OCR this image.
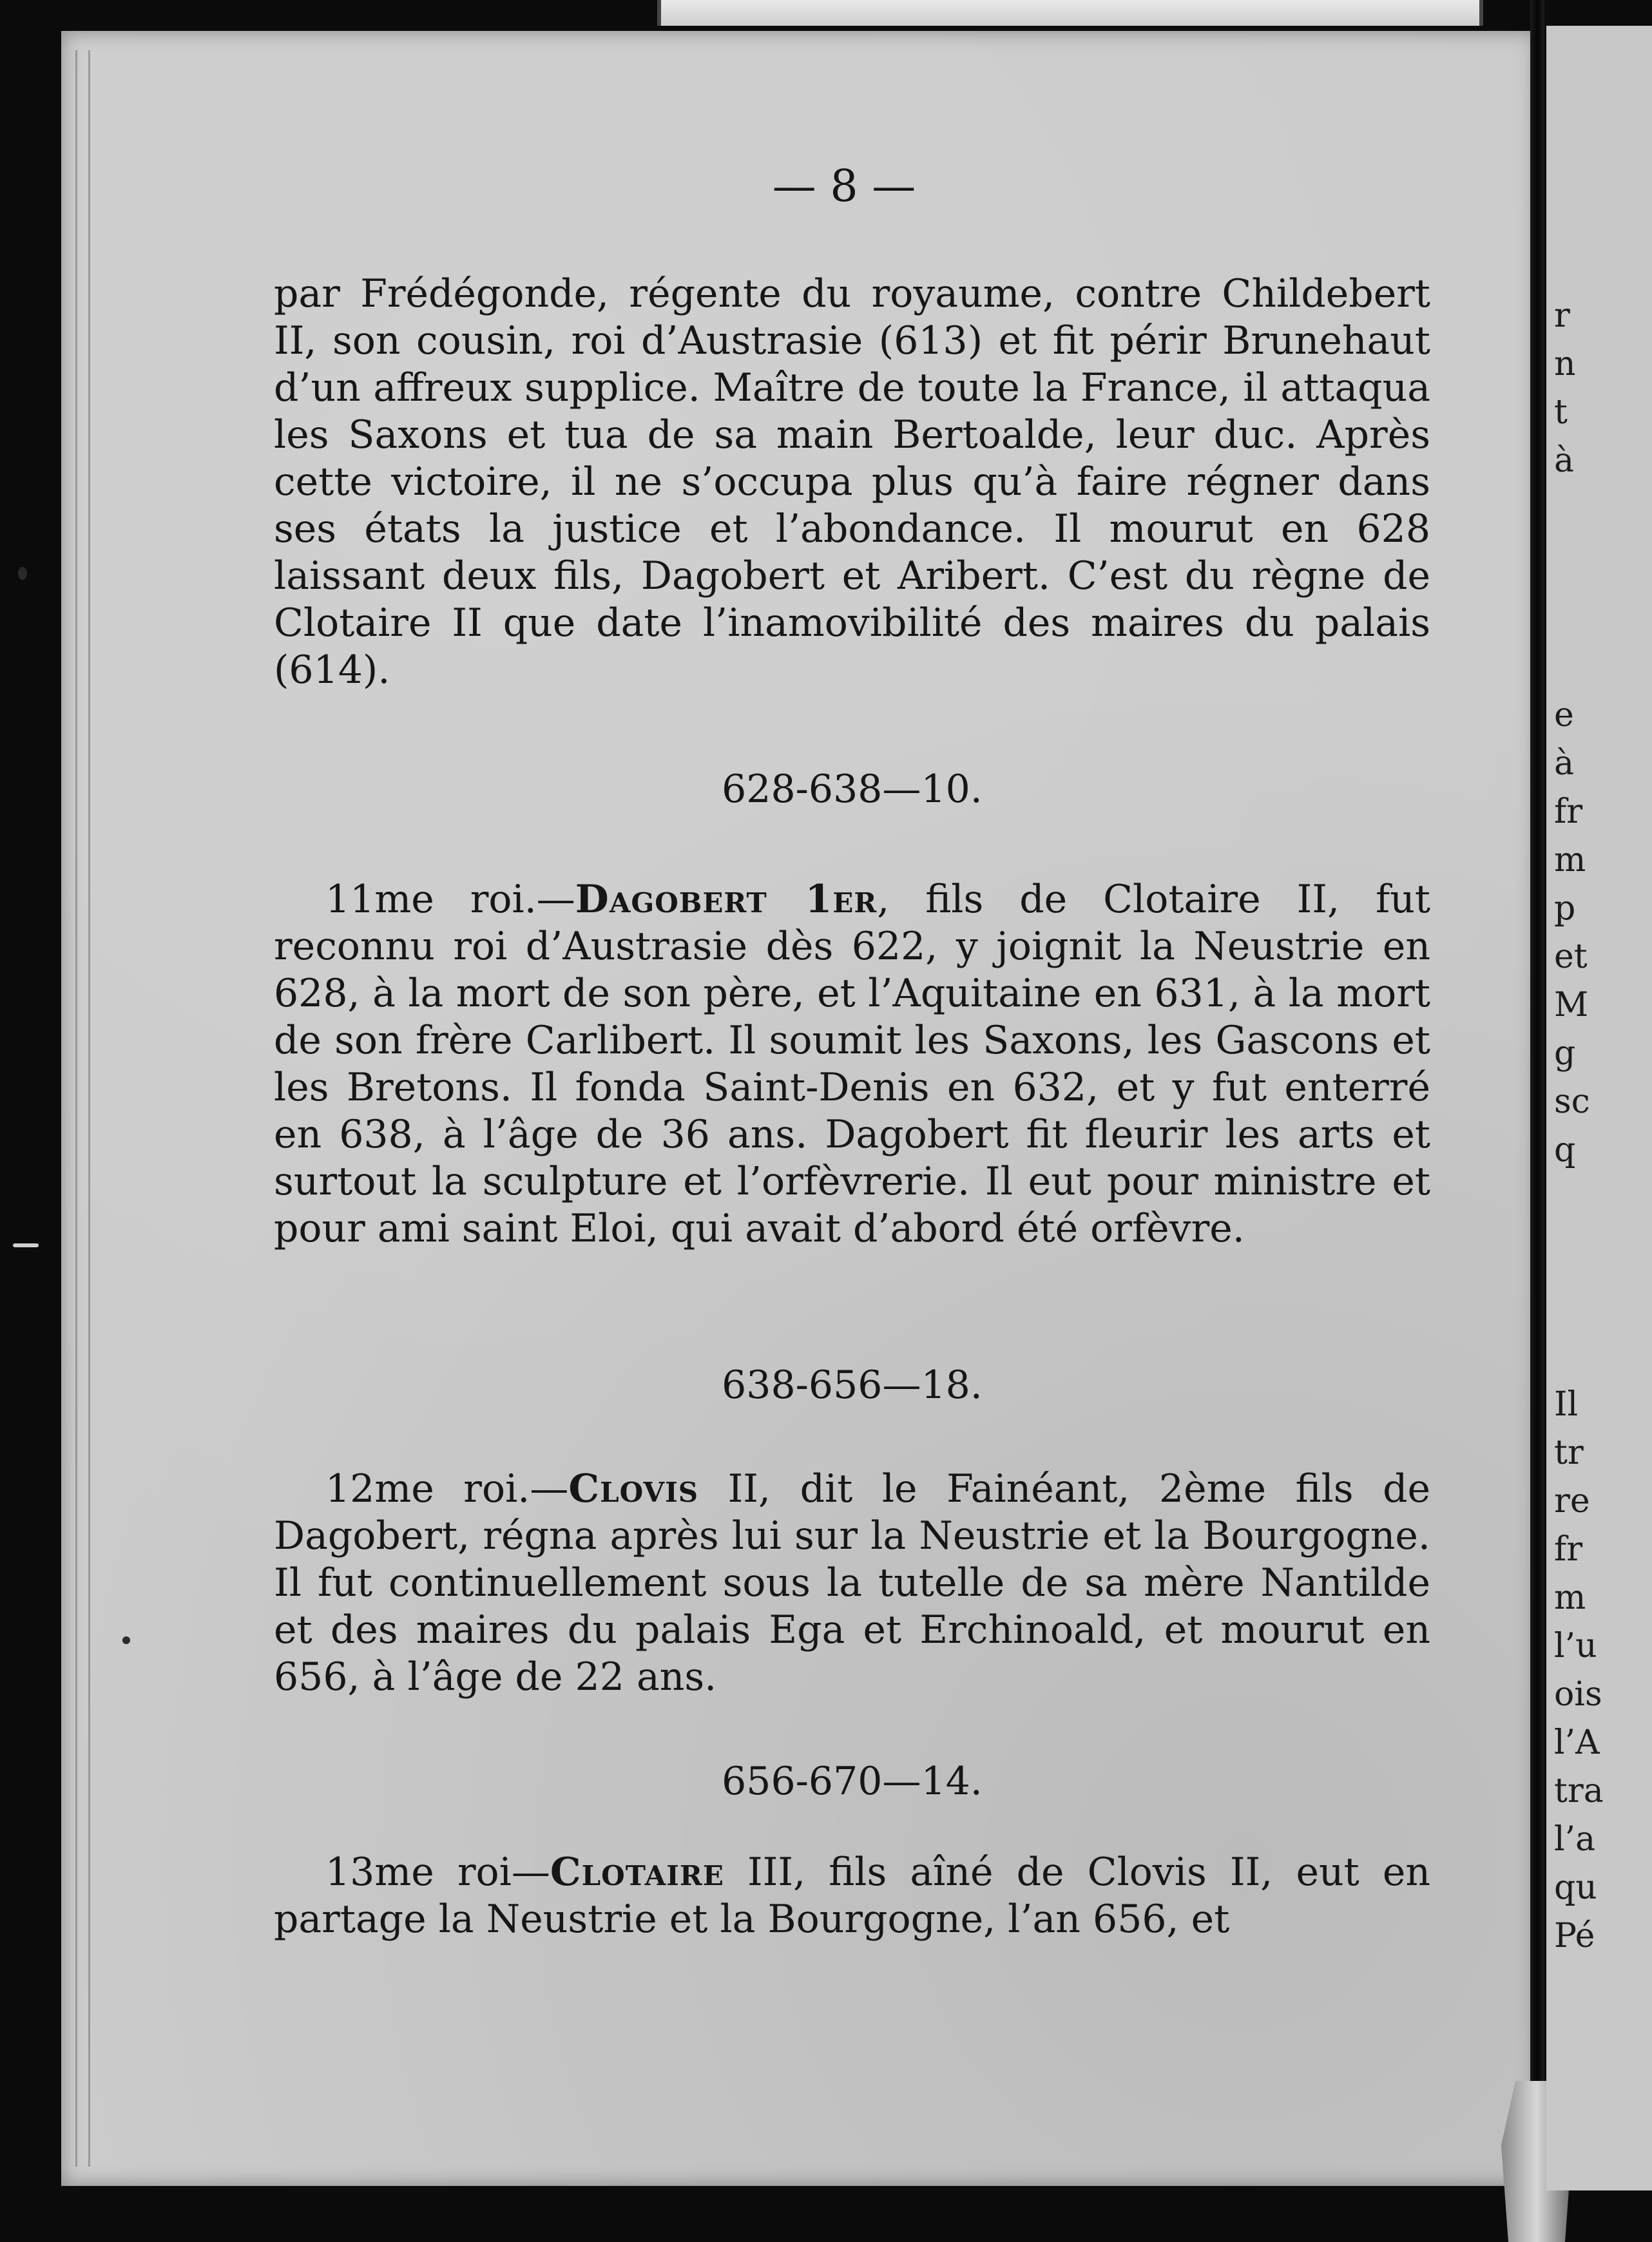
r
n
t
à
e
à
fr
m
p
et
M
g
sc
q
Il
tr
re
fr
m
l’u
ois
l’A
tra
l’a
qu
Pé
— 8 —

par Frédégonde, régente du royaume, contre Childebert II, son cousin, roi d’Austrasie (613) et fit périr Brunehaut d’un affreux supplice. Maître de toute la France, il attaqua les Saxons et tua de sa main Bertoalde, leur duc. Après cette victoire, il ne s’occupa plus qu’à faire régner dans ses états la justice et l’abondance. Il mourut en 628 laissant deux fils, Dagobert et Aribert. C’est du règne de Clotaire II que date l’inamovibilité des maires du palais (614).

628-638—10.

11me roi.—Dagobert 1er, fils de Clotaire II, fut reconnu roi d’Austrasie dès 622, y joignit la Neustrie en 628, à la mort de son père, et l’Aquitaine en 631, à la mort de son frère Carlibert. Il soumit les Saxons, les Gascons et les Bretons. Il fonda Saint-Denis en 632, et y fut enterré en 638, à l’âge de 36 ans. Dagobert fit fleurir les arts et surtout la sculpture et l’orfèvrerie. Il eut pour ministre et pour ami saint Eloi, qui avait d’abord été orfèvre.

638-656—18.

12me roi.—Clovis II, dit le Fainéant, 2ème fils de Dagobert, régna après lui sur la Neustrie et la Bourgogne. Il fut continuellement sous la tutelle de sa mère Nantilde et des maires du palais Ega et Erchinoald, et mourut en 656, à l’âge de 22 ans.

656-670—14.

13me roi—Clotaire III, fils aîné de Clovis II, eut en partage la Neustrie et la Bourgogne, l’an 656, et
